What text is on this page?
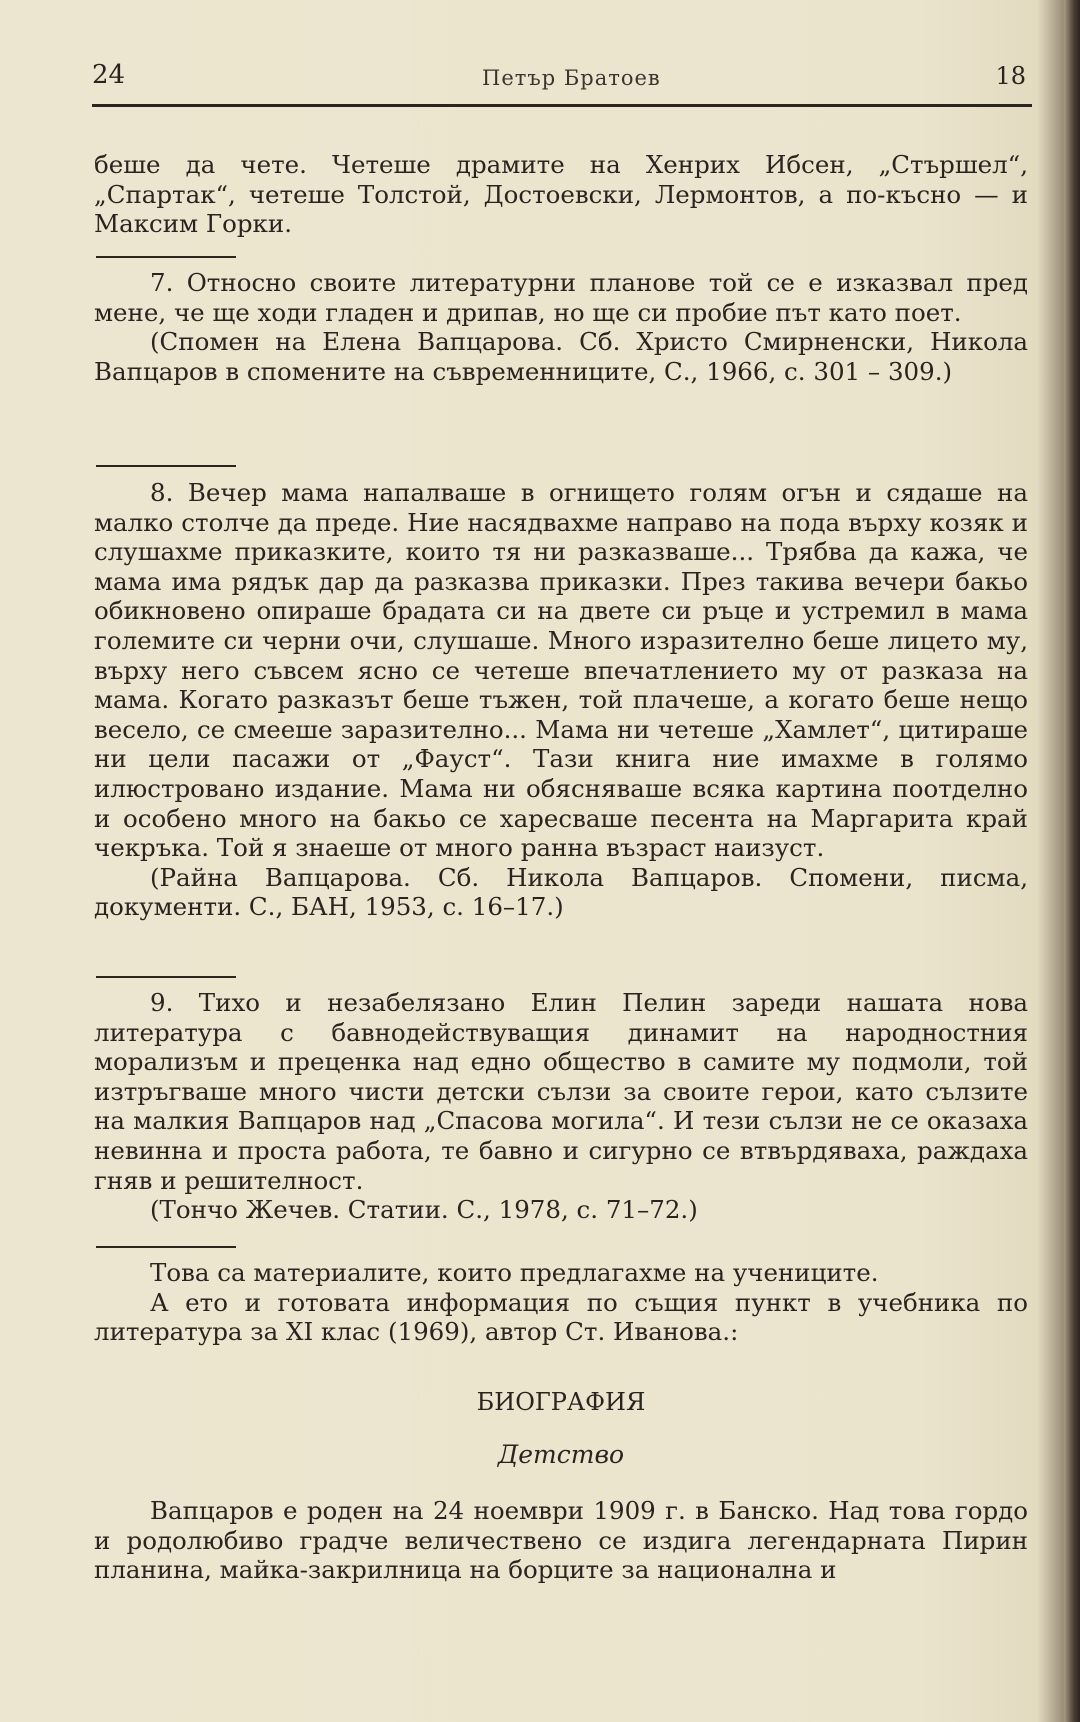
24	Петър Братоев	18

беше да чете. Четеше драмите на Хенрих Ибсен, „Стършел“, „Спартак“, четеше Толстой, Достоевски, Лермонтов, а по-късно — и Максим Горки.

7. Относно своите литературни планове той се е изказвал пред мене, че ще ходи гладен и дрипав, но ще си пробие път като поет.

(Спомен на Елена Вапцарова. Сб. Христо Смирненски, Никола Вапцаров в спомените на съвременниците, С., 1966, с. 301 – 309.)

8. Вечер мама напалваше в огнището голям огън и сядаше на малко столче да преде. Ние насядвахме направо на пода върху козяк и слушахме приказките, които тя ни разказваше... Трябва да кажа, че мама има рядък дар да разказва приказки. През такива вечери бакьо обикновено опираше брадата си на двете си ръце и устремил в мама големите си черни очи, слушаше. Много изразително беше лицето му, върху него съвсем ясно се четеше впечатлението му от разказа на мама. Когато разказът беше тъжен, той плачеше, а когато беше нещо весело, се смееше заразително... Мама ни четеше „Хамлет“, цитираше ни цели пасажи от „Фауст“. Тази книга ние имахме в голямо илюстровано издание. Мама ни обясняваше всяка картина поотделно и особено много на бакьо се харесваше песента на Маргарита край чекръка. Той я знаеше от много ранна възраст наизуст.

(Райна Вапцарова. Сб. Никола Вапцаров. Спомени, писма, документи. С., БАН, 1953, с. 16–17.)

9. Тихо и незабелязано Елин Пелин зареди нашата нова литература с бавнодействуващия динамит на народностния морализъм и преценка над едно общество в самите му подмоли, той изтръгваше много чисти детски сълзи за своите герои, като сълзите на малкия Вапцаров над „Спасова могила“. И тези сълзи не се оказаха невинна и проста работа, те бавно и сигурно се втвърдяваха, раждаха гняв и решителност.

(Тончо Жечев. Статии. С., 1978, с. 71–72.)

Това са материалите, които предлагахме на учениците.

А ето и готовата информация по същия пункт в учебника по литература за XI клас (1969), автор Ст. Иванова.:

БИОГРАФИЯ
Детство

Вапцаров е роден на 24 ноември 1909 г. в Банско. Над това гордо и родолюбиво градче величествено се издига легендарната Пирин планина, майка-закрилница на борците за национална и
